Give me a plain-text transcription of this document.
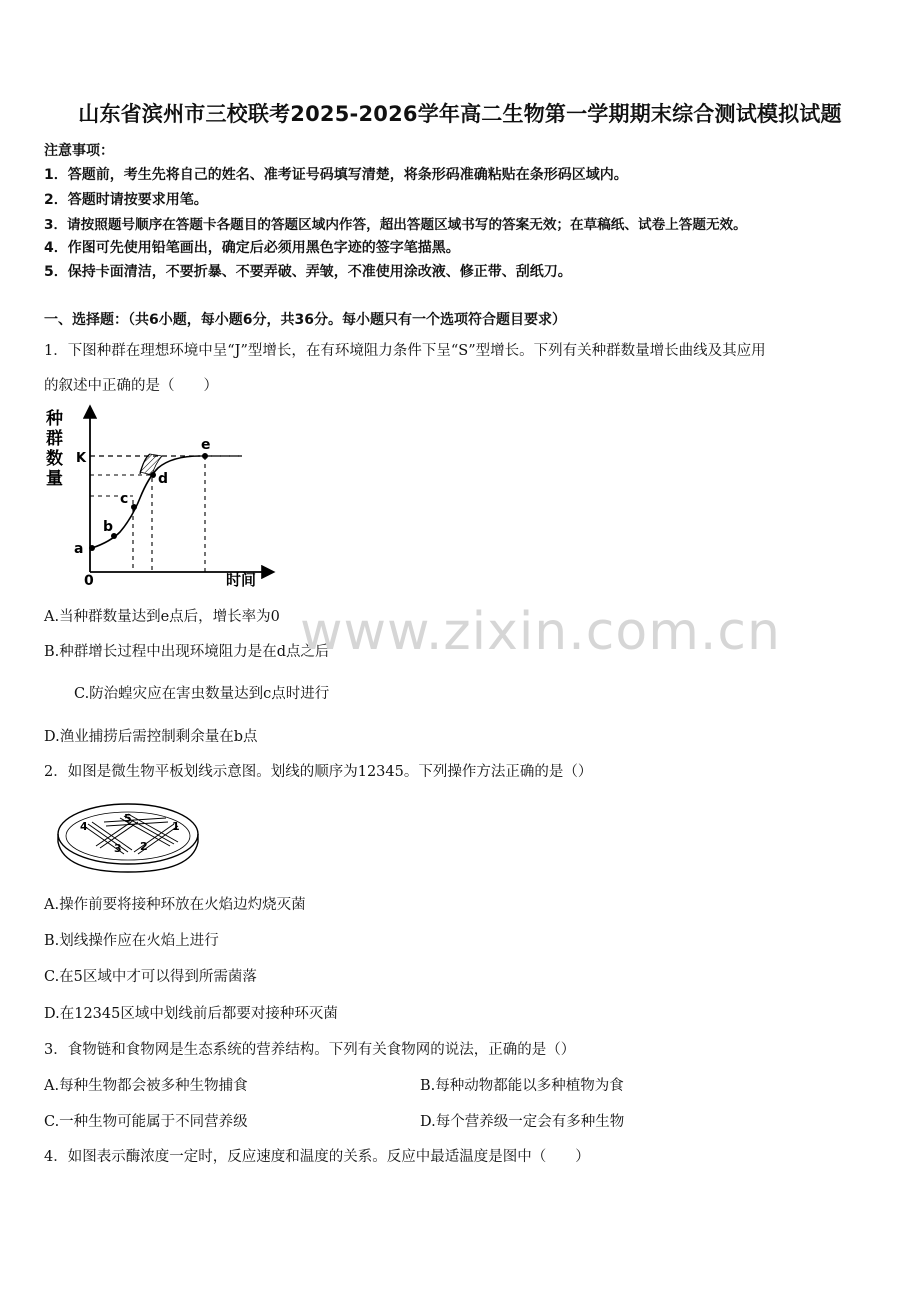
山东省滨州市三校联考2025-2026学年高二生物第一学期期末综合测试模拟试题
注意事项：
1．答题前，考生先将自己的姓名、准考证号码填写清楚，将条形码准确粘贴在条形码区域内。
2．答题时请按要求用笔。
3．请按照题号顺序在答题卡各题目的答题区域内作答，超出答题区域书写的答案无效；在草稿纸、试卷上答题无效。
4．作图可先使用铅笔画出，确定后必须用黑色字迹的签字笔描黑。
5．保持卡面清洁，不要折暴、不要弄破、弄皱，不准使用涂改液、修正带、刮纸刀。
一、选择题：（共6小题，每小题6分，共36分。每小题只有一个选项符合题目要求）
1．下图种群在理想环境中呈“J”型增长，在有环境阻力条件下呈“S”型增长。下列有关种群数量增长曲线及其应用
的叙述中正确的是（　　）
种
群
数
量
0	时间
K
a
b
c
d
e
A.当种群数量达到e点后，增长率为0
B.种群增长过程中出现环境阻力是在d点之后
C.防治蝗灾应在害虫数量达到c点时进行
D.渔业捕捞后需控制剩余量在b点
www.zixin.com.cn
2．如图是微生物平板划线示意图。划线的顺序为12345。下列操作方法正确的是（）
1
2
3
4
5
A.操作前要将接种环放在火焰边灼烧灭菌
B.划线操作应在火焰上进行
C.在5区域中才可以得到所需菌落
D.在12345区域中划线前后都要对接种环灭菌
3．食物链和食物网是生态系统的营养结构。下列有关食物网的说法，正确的是（）
A.每种生物都会被多种生物捕食	B.每种动物都能以多种植物为食
C.一种生物可能属于不同营养级	D.每个营养级一定会有多种生物
4．如图表示酶浓度一定时，反应速度和温度的关系。反应中最适温度是图中（　　）
